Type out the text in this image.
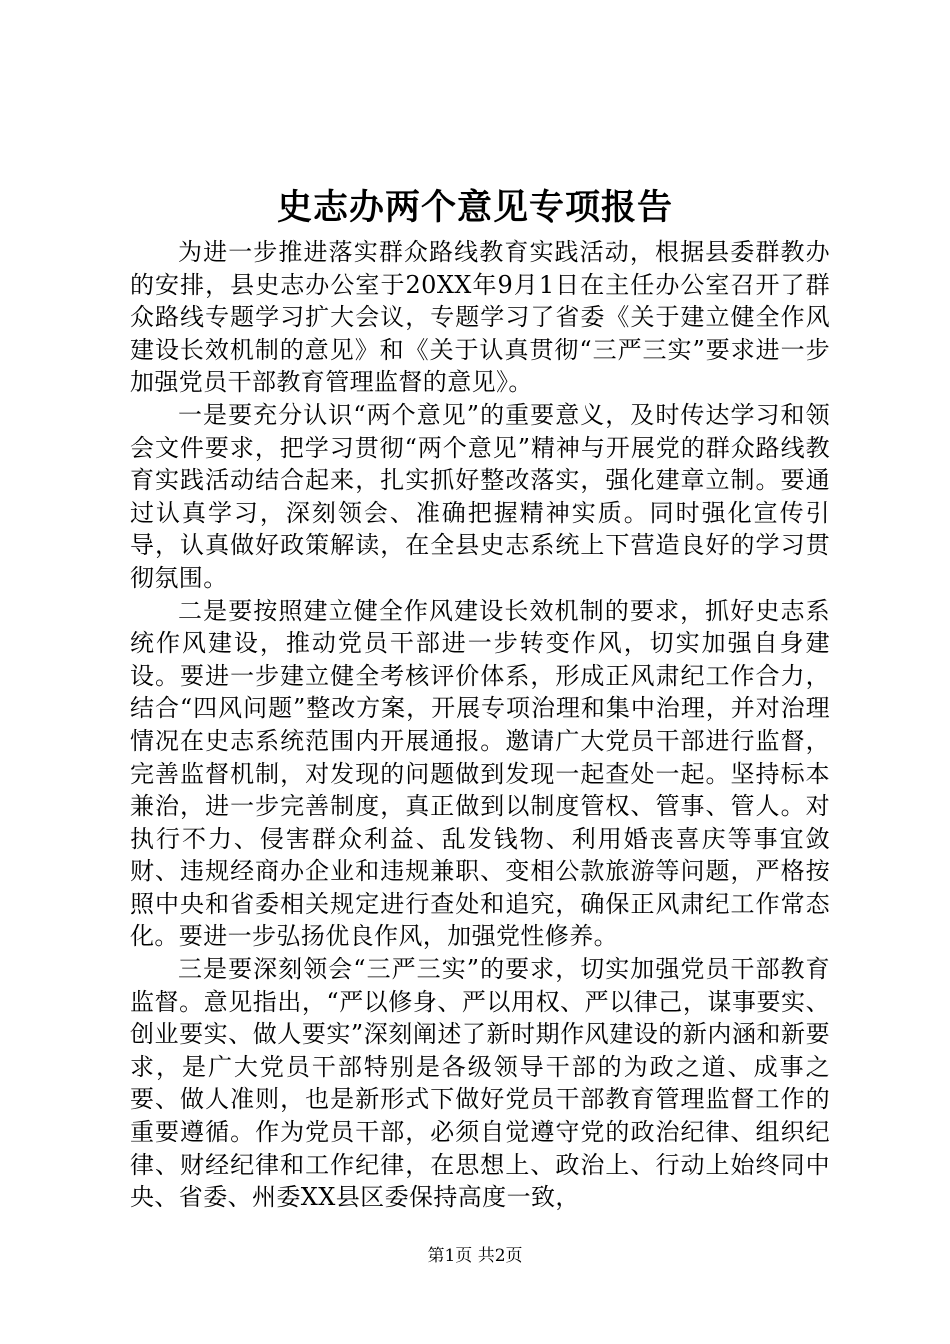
史志办两个意见专项报告

为进一步推进落实群众路线教育实践活动，根据县委群教办的安排，县史志办公室于20XX年9月1日在主任办公室召开了群众路线专题学习扩大会议，专题学习了省委《关于建立健全作风建设长效机制的意见》和《关于认真贯彻“三严三实”要求进一步加强党员干部教育管理监督的意见》。

一是要充分认识“两个意见”的重要意义，及时传达学习和领会文件要求，把学习贯彻“两个意见”精神与开展党的群众路线教育实践活动结合起来，扎实抓好整改落实，强化建章立制。要通过认真学习，深刻领会、准确把握精神实质。同时强化宣传引导，认真做好政策解读，在全县史志系统上下营造良好的学习贯彻氛围。

二是要按照建立健全作风建设长效机制的要求，抓好史志系统作风建设，推动党员干部进一步转变作风，切实加强自身建设。要进一步建立健全考核评价体系，形成正风肃纪工作合力，结合“四风问题”整改方案，开展专项治理和集中治理，并对治理情况在史志系统范围内开展通报。邀请广大党员干部进行监督，完善监督机制，对发现的问题做到发现一起查处一起。坚持标本兼治，进一步完善制度，真正做到以制度管权、管事、管人。对执行不力、侵害群众利益、乱发钱物、利用婚丧喜庆等事宜敛财、违规经商办企业和违规兼职、变相公款旅游等问题，严格按照中央和省委相关规定进行查处和追究，确保正风肃纪工作常态化。要进一步弘扬优良作风，加强党性修养。

三是要深刻领会“三严三实”的要求，切实加强党员干部教育监督。意见指出，“严以修身、严以用权、严以律己，谋事要实、创业要实、做人要实”深刻阐述了新时期作风建设的新内涵和新要求，是广大党员干部特别是各级领导干部的为政之道、成事之要、做人准则，也是新形式下做好党员干部教育管理监督工作的重要遵循。作为党员干部，必须自觉遵守党的政治纪律、组织纪律、财经纪律和工作纪律，在思想上、政治上、行动上始终同中央、省委、州委XX县区委保持高度一致，

第1页 共2页
